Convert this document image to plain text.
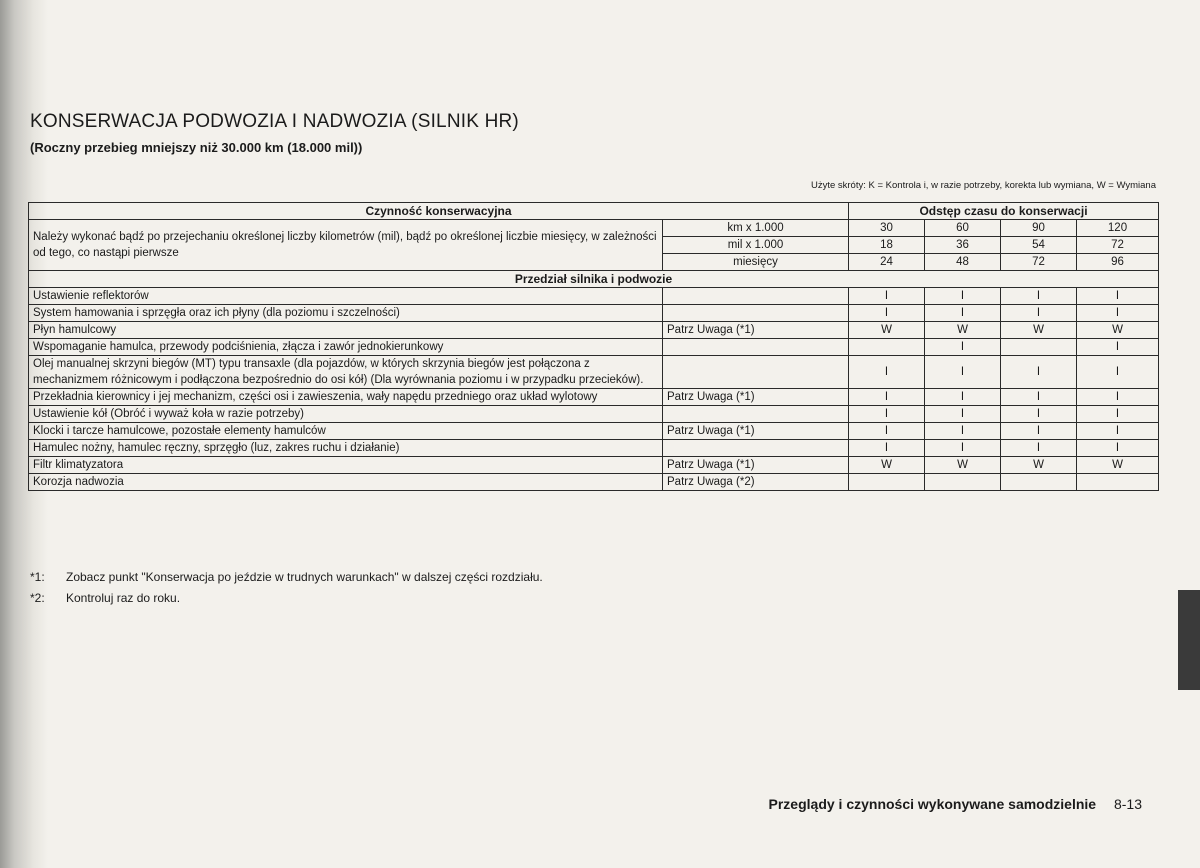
KONSERWACJA PODWOZIA I NADWOZIA (SILNIK HR)
(Roczny przebieg mniejszy niż 30.000 km (18.000 mil))
Użyte skróty: K = Kontrola i, w razie potrzeby, korekta lub wymiana, W = Wymiana
Czynność konserwacyjna		Odstęp czasu do konserwacji			
Należy wykonać bądź po przejechaniu określonej liczby kilometrów (mil), bądź po określonej liczbie miesięcy, w zależności od tego, co nastąpi pierwsze	km x 1.000	30	60	90	120
	mil x 1.000	18	36	54	72
	miesięcy	24	48	72	96
Przedział silnika i podwozie					
Ustawienie reflektorów		I	I	I	I
System hamowania i sprzęgła oraz ich płyny (dla poziomu i szczelności)		I	I	I	I
Płyn hamulcowy	Patrz Uwaga (*1)	W	W	W	W
Wspomaganie hamulca, przewody podciśnienia, złącza i zawór jednokierunkowy			I		I
Olej manualnej skrzyni biegów (MT) typu transaxle (dla pojazdów, w których skrzynia biegów jest połączona z mechanizmem różnicowym i podłączona bezpośrednio do osi kół) (Dla wyrównania poziomu i w przypadku przecieków).		I	I	I	I
Przekładnia kierownicy i jej mechanizm, części osi i zawieszenia, wały napędu przedniego oraz układ wylotowy	Patrz Uwaga (*1)	I	I	I	I
Ustawienie kół (Obróć i wyważ koła w razie potrzeby)		I	I	I	I
Klocki i tarcze hamulcowe, pozostałe elementy hamulców	Patrz Uwaga (*1)	I	I	I	I
Hamulec nożny, hamulec ręczny, sprzęgło (luz, zakres ruchu i działanie)		I	I	I	I
Filtr klimatyzatora	Patrz Uwaga (*1)	W	W	W	W
Korozja nadwozia	Patrz Uwaga (*2)				
*1: Zobacz punkt "Konserwacja po jeździe w trudnych warunkach" w dalszej części rozdziału.
*2: Kontroluj raz do roku.
Przeglądy i czynności wykonywane samodzielnie 8-13
